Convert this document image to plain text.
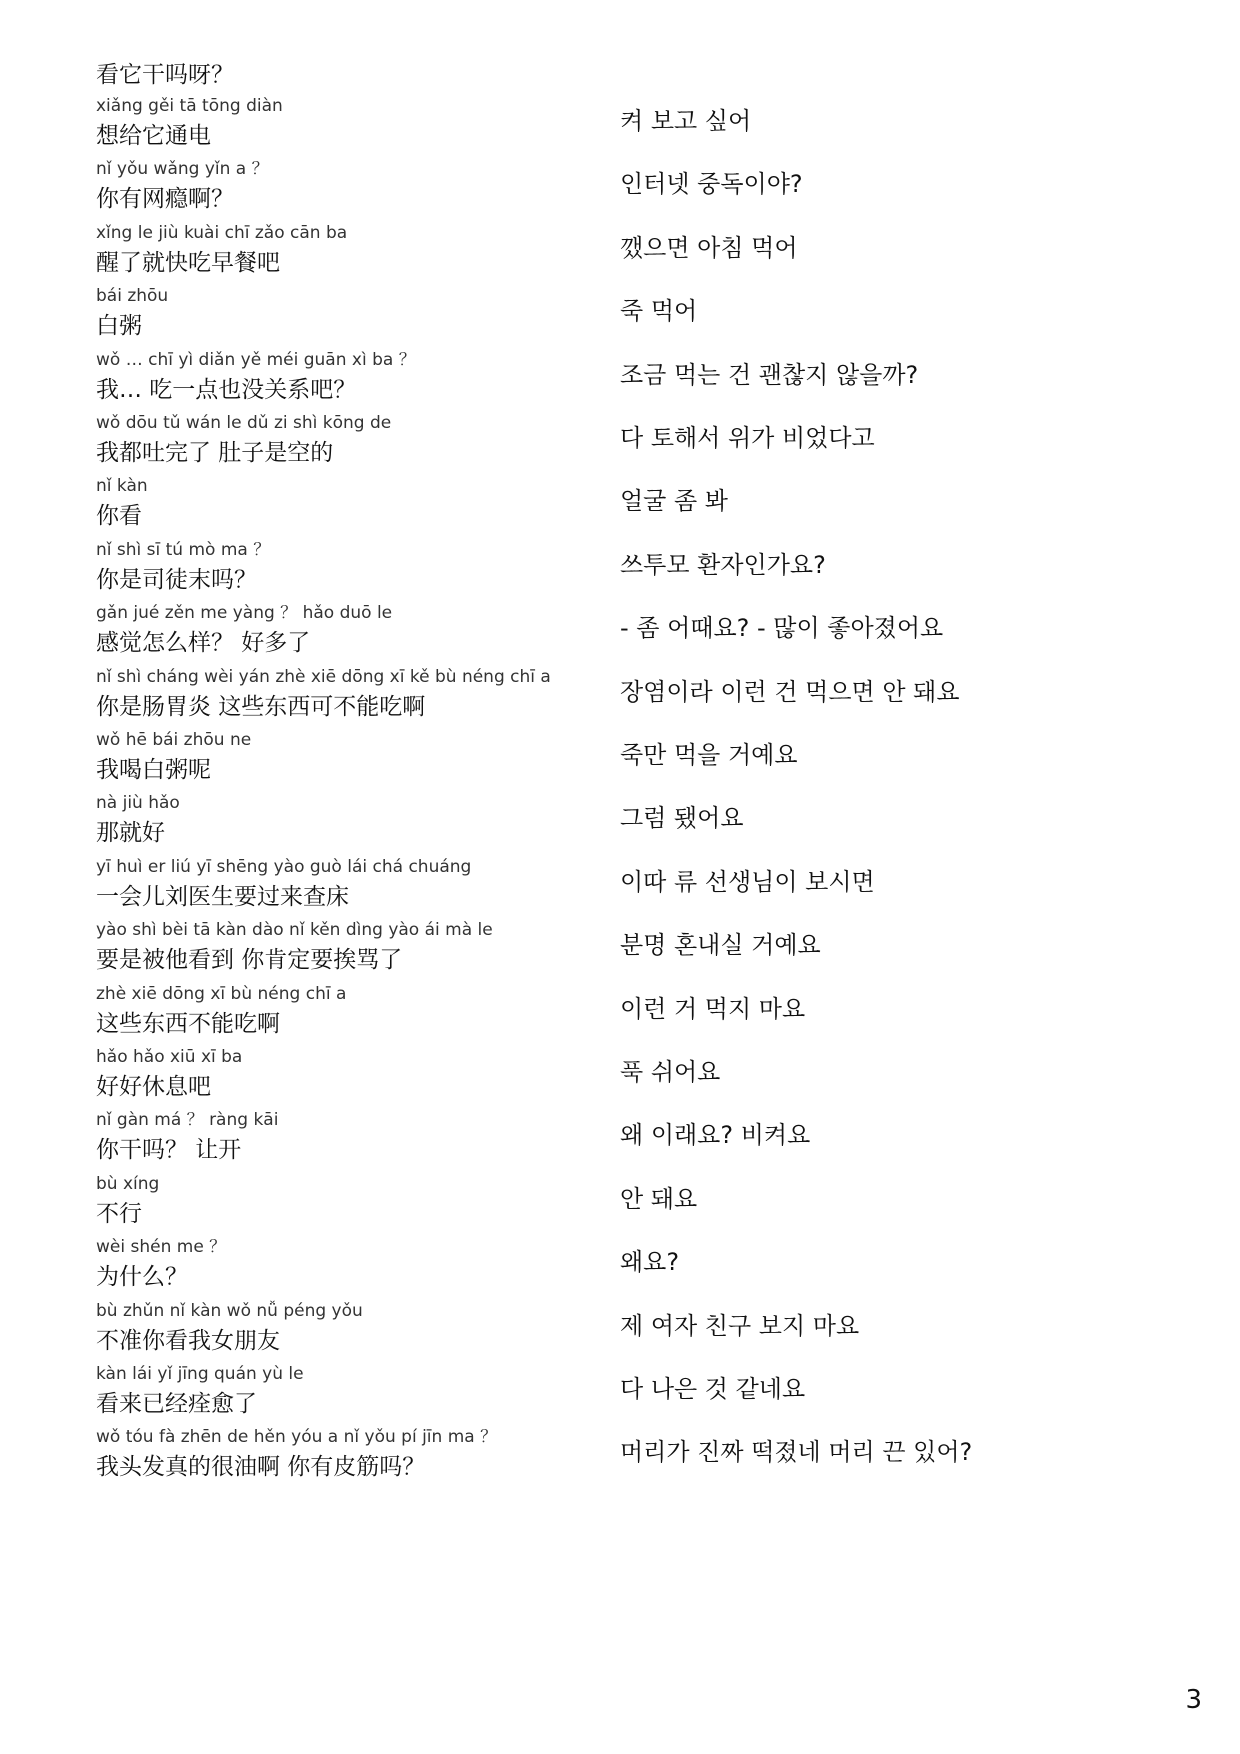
看它干吗呀？
xiǎng gěi tā tōng diàn
想给它通电
켜 보고 싶어
nǐ yǒu wǎng yǐn a ？
你有网瘾啊？
인터넷 중독이야?
xǐng le jiù kuài chī zǎo cān ba
醒了就快吃早餐吧
깼으면 아침 먹어
bái zhōu
白粥
죽 먹어
wǒ … chī yì diǎn yě méi guān xì ba ？
我… 吃一点也没关系吧？
조금 먹는 건 괜찮지 않을까?
wǒ dōu tǔ wán le dǔ zi shì kōng de
我都吐完了 肚子是空的
다 토해서 위가 비었다고
nǐ kàn
你看
얼굴 좀 봐
nǐ shì sī tú mò ma ？
你是司徒末吗？
쓰투모 환자인가요?
gǎn jué zěn me yàng ？ hǎo duō le
感觉怎么样？ 好多了
- 좀 어때요? - 많이 좋아졌어요
nǐ shì cháng wèi yán zhè xiē dōng xī kě bù néng chī a
你是肠胃炎 这些东西可不能吃啊
장염이라 이런 건 먹으면 안 돼요
wǒ hē bái zhōu ne
我喝白粥呢
죽만 먹을 거예요
nà jiù hǎo
那就好
그럼 됐어요
yī huì er liú yī shēng yào guò lái chá chuáng
一会儿刘医生要过来查床
이따 류 선생님이 보시면
yào shì bèi tā kàn dào nǐ kěn dìng yào ái mà le
要是被他看到 你肯定要挨骂了
분명 혼내실 거예요
zhè xiē dōng xī bù néng chī a
这些东西不能吃啊
이런 거 먹지 마요
hǎo hǎo xiū xī ba
好好休息吧
푹 쉬어요
nǐ gàn má ？ ràng kāi
你干吗？ 让开
왜 이래요? 비켜요
bù xíng
不行
안 돼요
wèi shén me ？
为什么？
왜요?
bù zhǔn nǐ kàn wǒ nǚ péng yǒu
不准你看我女朋友
제 여자 친구 보지 마요
kàn lái yǐ jīng quán yù le
看来已经痊愈了
다 나은 것 같네요
wǒ tóu fà zhēn de hěn yóu a nǐ yǒu pí jīn ma ？
我头发真的很油啊 你有皮筋吗？
머리가 진짜 떡졌네 머리 끈 있어?
3
